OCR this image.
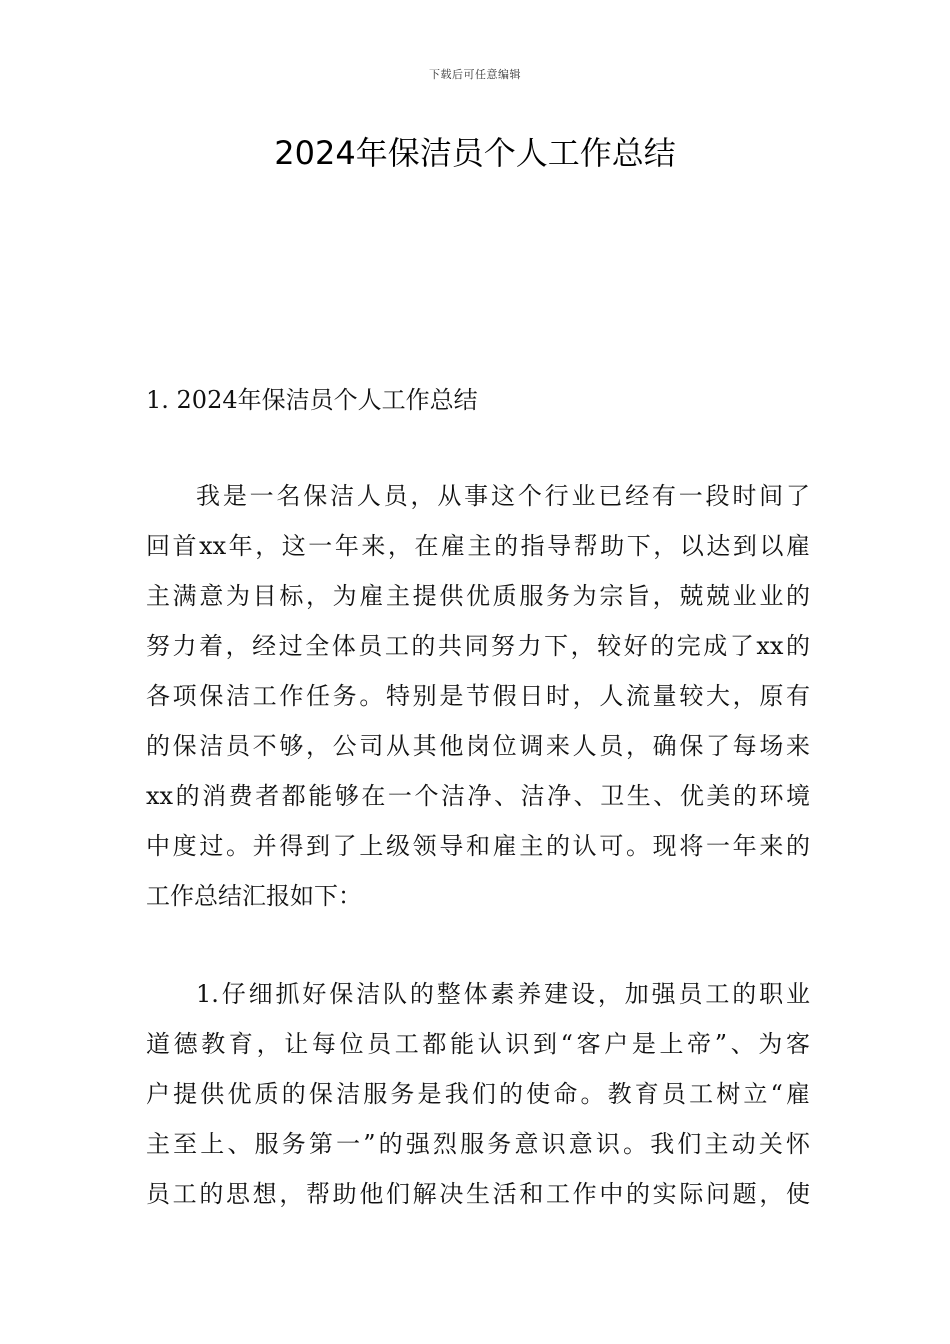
下载后可任意编辑
2024年保洁员个人工作总结
1. 2024年保洁员个人工作总结
我是一名保洁人员，从事这个行业已经有一段时间了
回首xx年，这一年来，在雇主的指导帮助下，以达到以雇
主满意为目标，为雇主提供优质服务为宗旨，兢兢业业的
努力着，经过全体员工的共同努力下，较好的完成了xx的
各项保洁工作任务。特别是节假日时，人流量较大，原有
的保洁员不够，公司从其他岗位调来人员，确保了每场来
xx的消费者都能够在一个洁净、洁净、卫生、优美的环境
中度过。并得到了上级领导和雇主的认可。现将一年来的
工作总结汇报如下：
1.仔细抓好保洁队的整体素养建设，加强员工的职业
道德教育，让每位员工都能认识到“客户是上帝”、为客
户提供优质的保洁服务是我们的使命。教育员工树立“雇
主至上、服务第一”的强烈服务意识意识。我们主动关怀
员工的思想，帮助他们解决生活和工作中的实际问题，使
